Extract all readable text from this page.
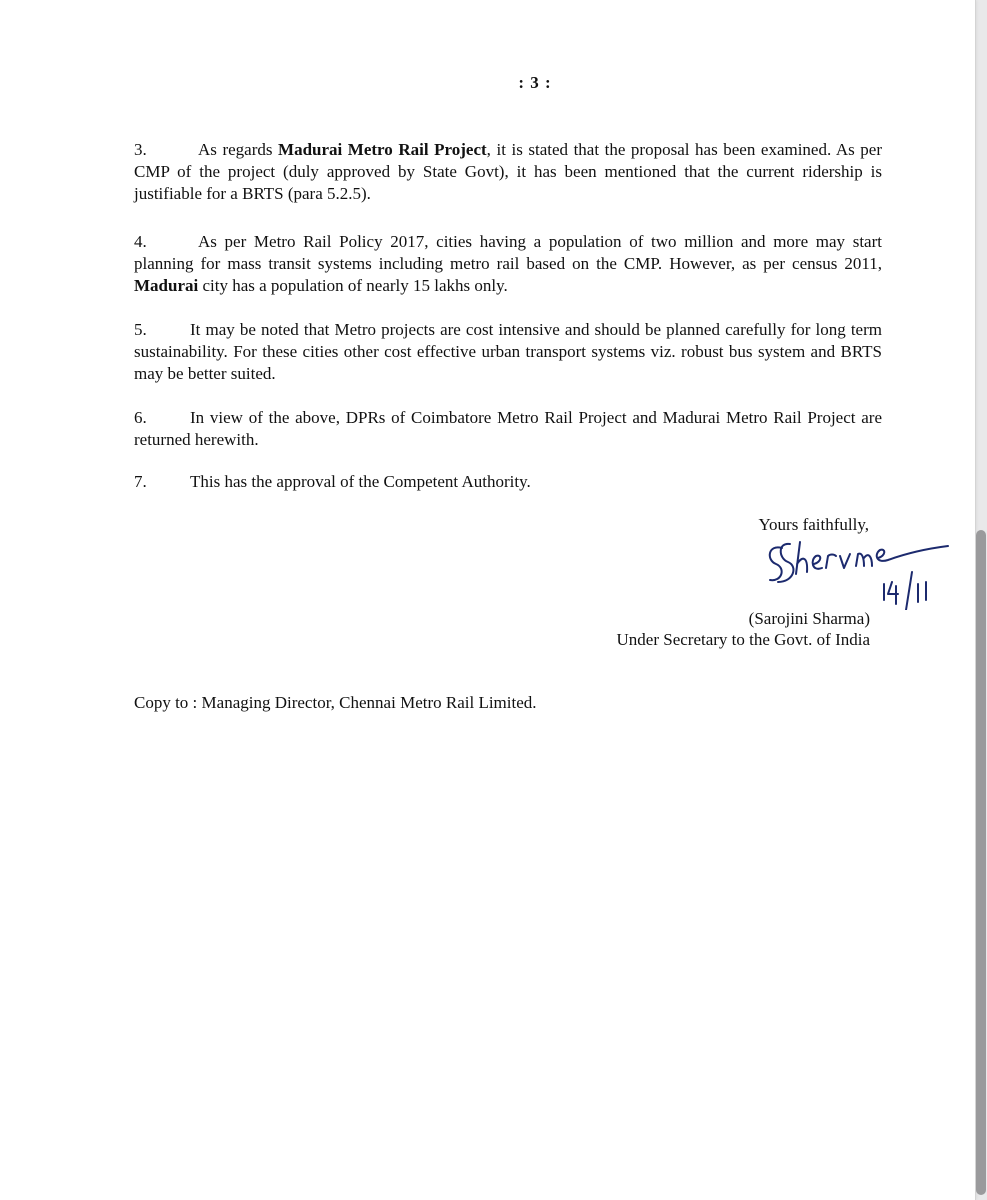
: 3 :

3.	As regards Madurai Metro Rail Project, it is stated that the proposal has been examined. As per CMP of the project (duly approved by State Govt), it has been mentioned that the current ridership is justifiable for a BRTS (para 5.2.5).

4.	As per Metro Rail Policy 2017, cities having a population of two million and more may start planning for mass transit systems including metro rail based on the CMP. However, as per census 2011, Madurai city has a population of nearly 15 lakhs only.

5.	It may be noted that Metro projects are cost intensive and should be planned carefully for long term sustainability. For these cities other cost effective urban transport systems viz. robust bus system and BRTS may be better suited.

6.	In view of the above, DPRs of Coimbatore Metro Rail Project and Madurai Metro Rail Project are returned herewith.

7.	This has the approval of the Competent Authority.

Yours faithfully,
(Sarojini Sharma)
Under Secretary to the Govt. of India
Copy to : Managing Director, Chennai Metro Rail Limited.
